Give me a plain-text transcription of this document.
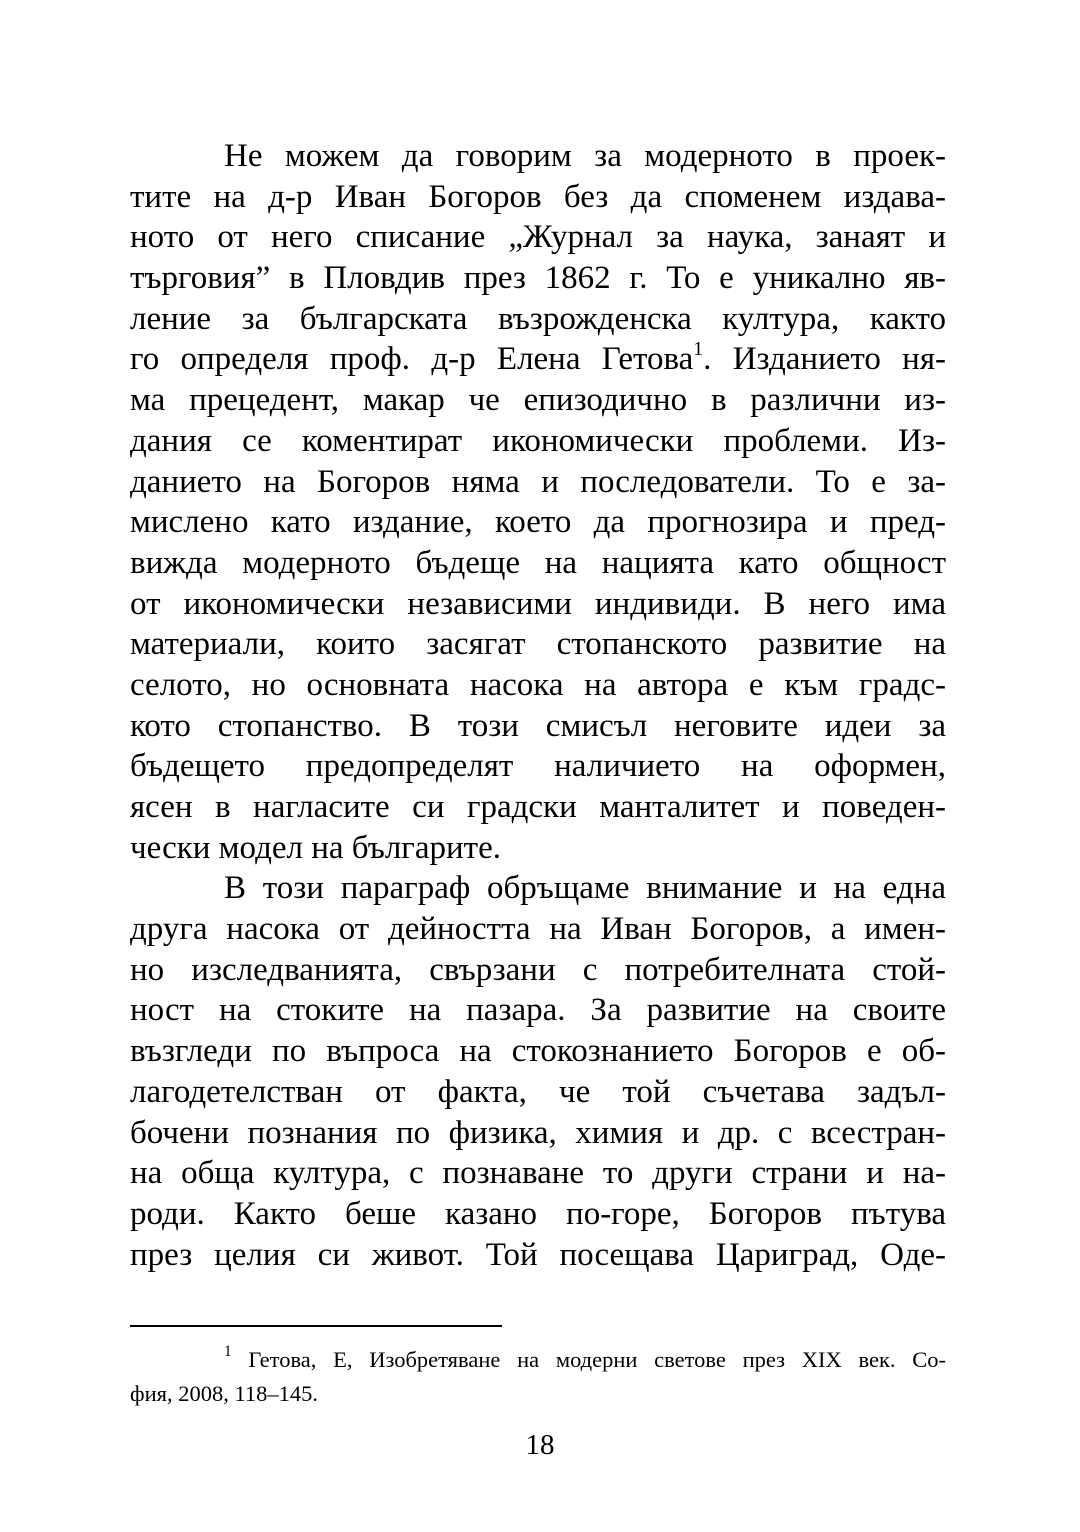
Не можем да говорим за модерното в проек-
тите на д-р Иван Богоров без да споменем издава-
ното от него списание „Журнал за наука, занаят и
търговия” в Пловдив през 1862 г. То е уникално яв-
ление за българската възрожденска култура, както
го определя проф. д-р Елена Гетова$^1$. Изданието ня-
ма прецедент, макар че епизодично в различни из-
дания се коментират икономически проблеми. Из-
данието на Богоров няма и последователи. То е за-
мислено като издание, което да прогнозира и пред-
вижда модерното бъдеще на нацията като общност
от икономически независими индивиди. В него има
материали, които засягат стопанското развитие на
селото, но основната насока на автора е към градс-
кото стопанство. В този смисъл неговите идеи за
бъдещето предопределят наличието на оформен,
ясен в нагласите си градски манталитет и поведен-
чески модел на българите.
В този параграф обръщаме внимание и на една
друга насока от дейността на Иван Богоров, а имен-
но изследванията, свързани с потребителната стой-
ност на стоките на пазара. За развитие на своите
възгледи по въпроса на стокознанието Богоров е об-
лагодетелстван от факта, че той съчетава задъл-
бочени познания по физика, химия и др. с всестран-
на обща култура, с познаване то други страни и на-
роди. Както беше казано по-горе, Богоров пътува
през целия си живот. Той посещава Цариград, Оде-
$^1$ Гетова, Е, Изобретяване на модерни светове през XIX век. Со-
фия, 2008, 118–145.
18
